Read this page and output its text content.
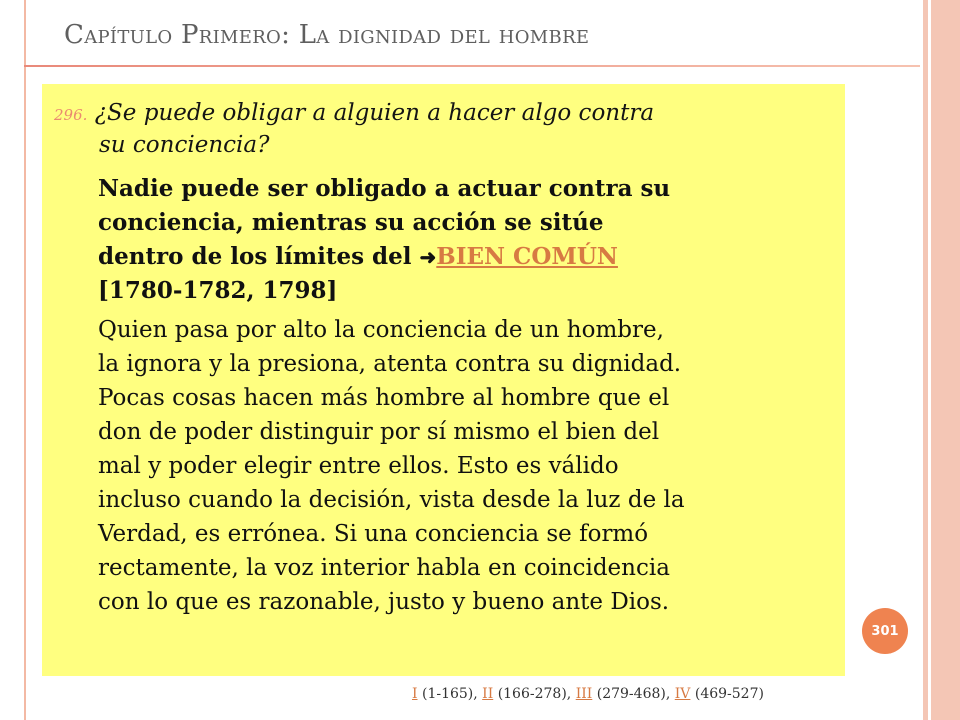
Capítulo Primero: La dignidad del hombre
296. ¿Se puede obligar a alguien a hacer algo contra
su conciencia?
Nadie puede ser obligado a actuar contra su
conciencia, mientras su acción se sitúe
dentro de los límites del ➜BIEN COMÚN
[1780-1782, 1798]
Quien pasa por alto la conciencia de un hombre,
la ignora y la presiona, atenta contra su dignidad.
Pocas cosas hacen más hombre al hombre que el
don de poder distinguir por sí mismo el bien del
mal y poder elegir entre ellos. Esto es válido
incluso cuando la decisión, vista desde la luz de la
Verdad, es errónea. Si una conciencia se formó
rectamente, la voz interior habla en coincidencia
con lo que es razonable, justo y bueno ante Dios.
301
I (1-165), II (166-278), III (279-468), IV (469-527)
